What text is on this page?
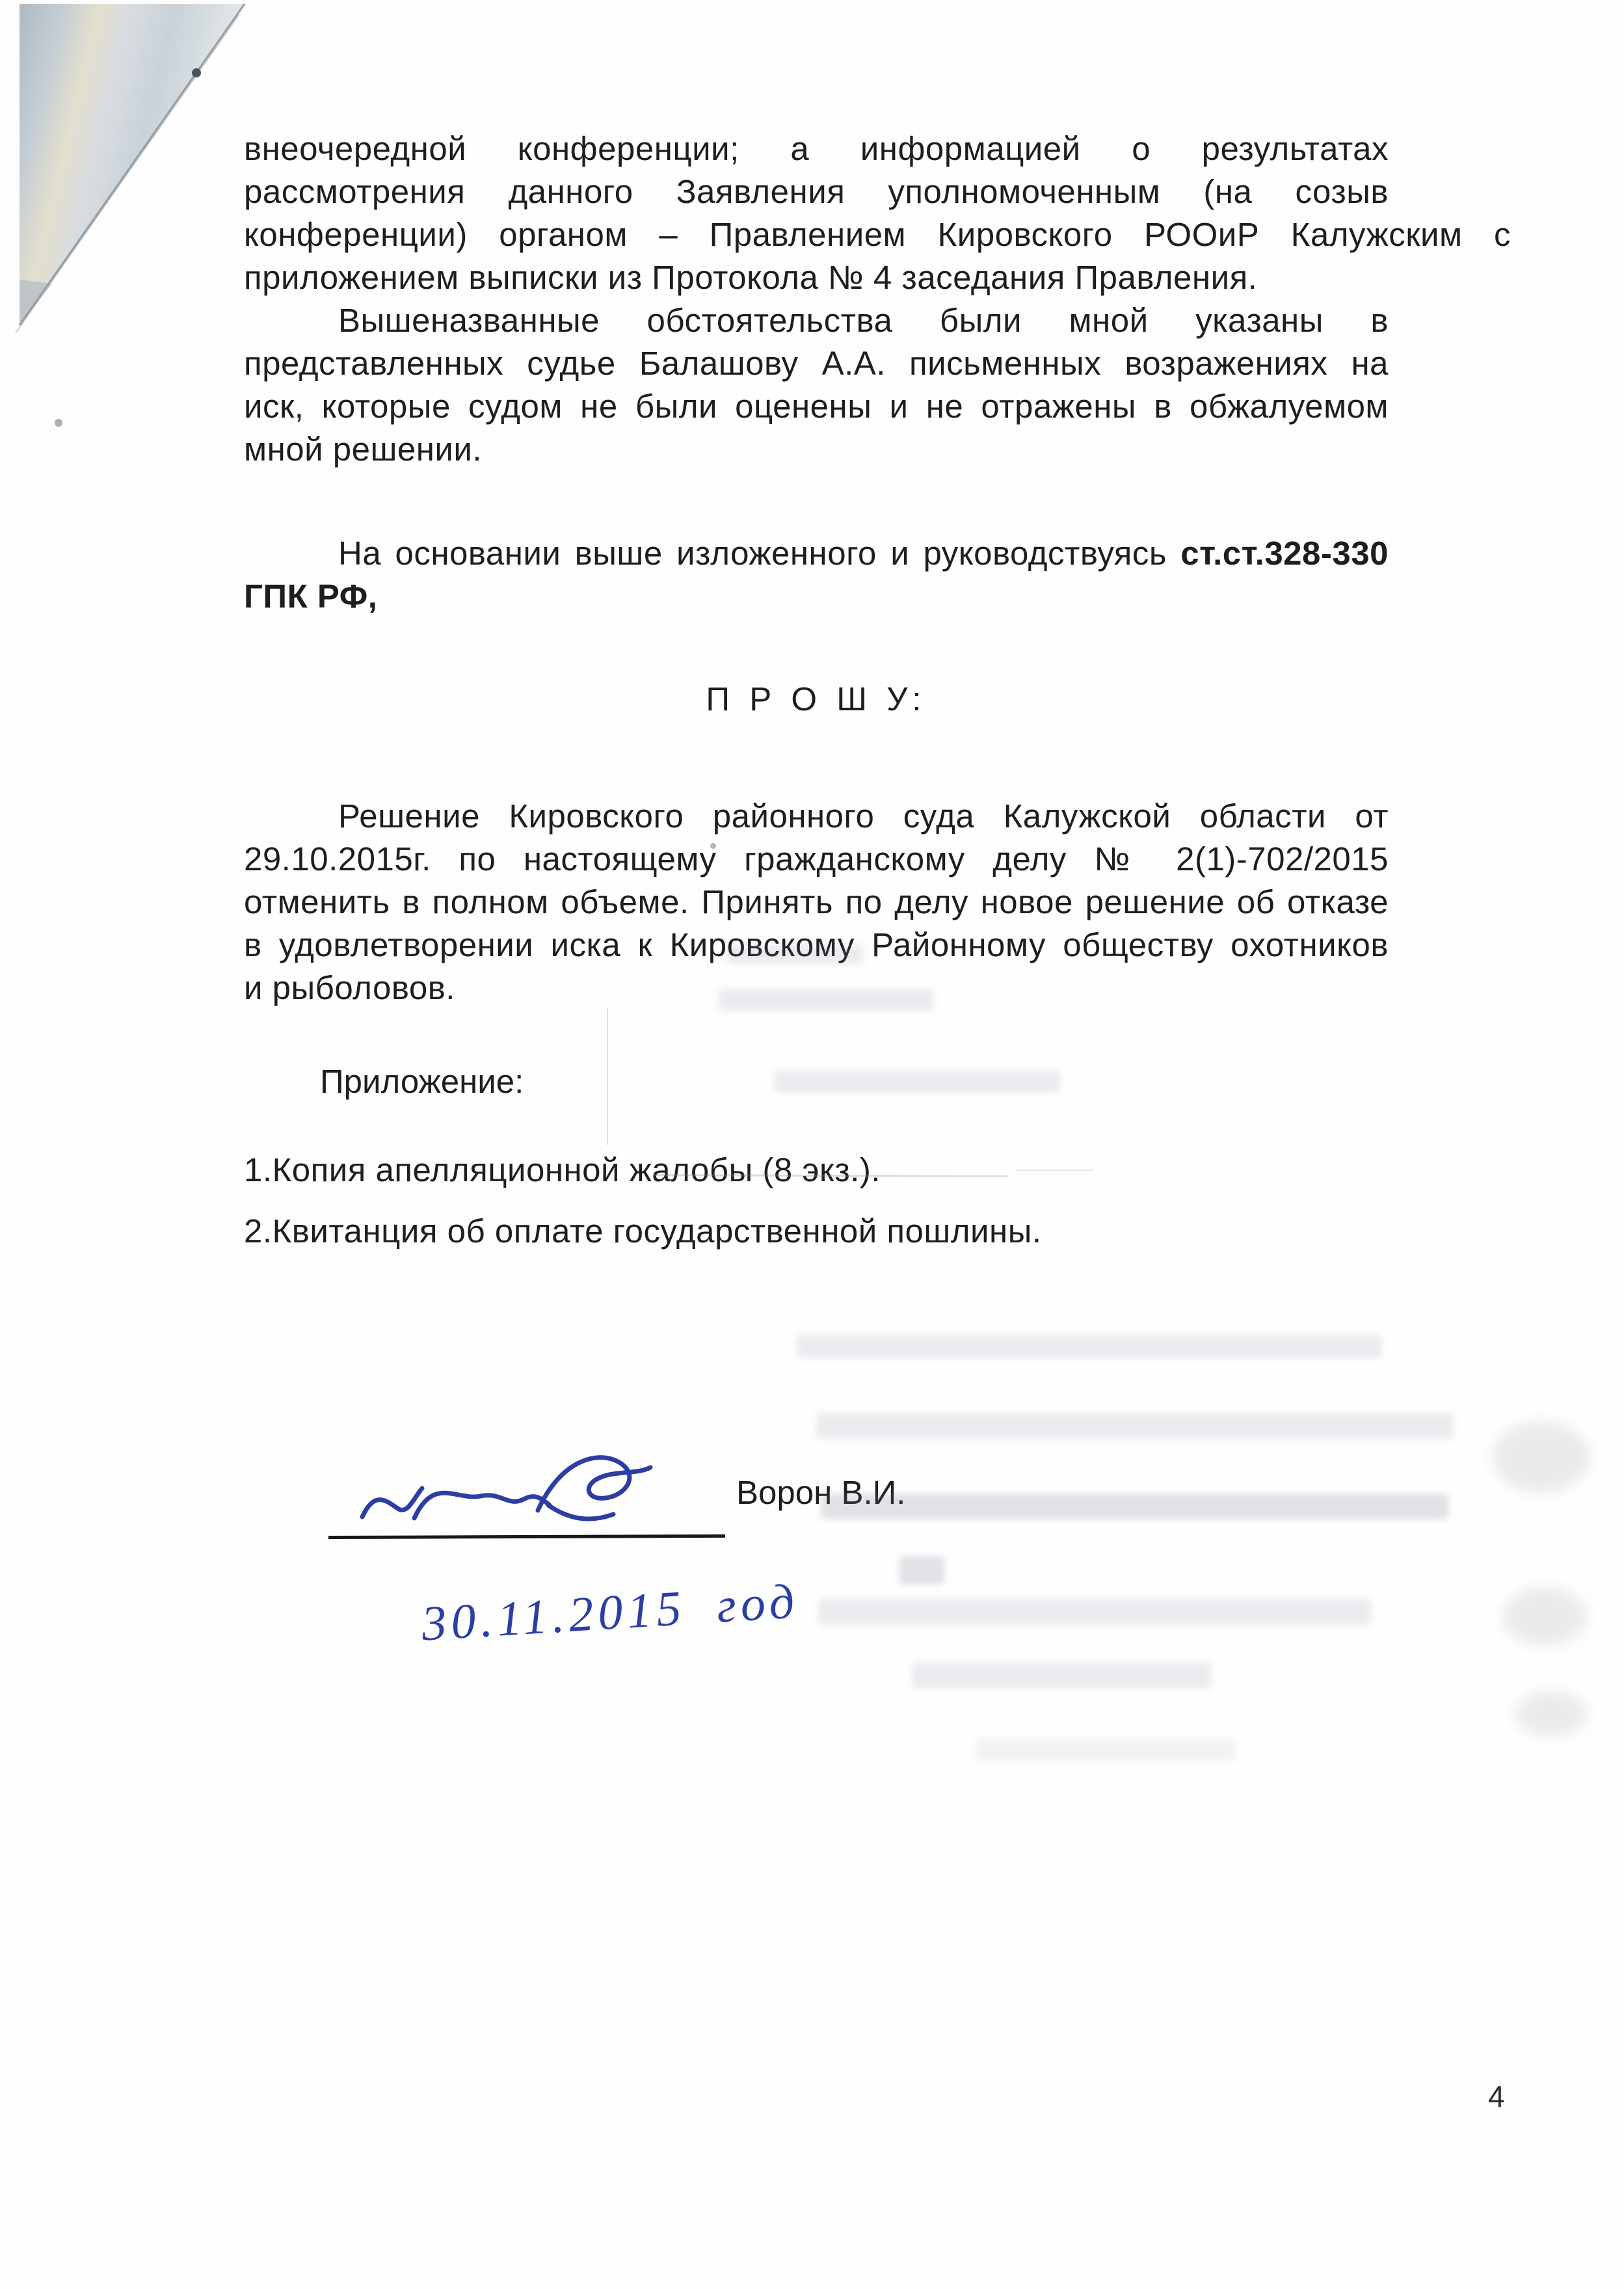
внеочередной конференции; а информацией о результатах
рассмотрения данного Заявления уполномоченным (на созыв
конференции) органом – Правлением Кировского РООиР Калужским с
приложением выписки из Протокола № 4 заседания Правления.
Вышеназванные обстоятельства были мной указаны в
представленных судье Балашову А.А. письменных возражениях на
иск, которые судом не были оценены и не отражены в обжалуемом
мной решении.
На основании выше изложенного и руководствуясь ст.ст.328-330
ГПК РФ,
П Р О Ш У:
Решение Кировского районного суда Калужской области от
29.10.2015г. по настоящему гражданскому делу № 2(1)-702/2015
отменить в полном объеме. Принять по делу новое решение об отказе
в удовлетворении иска к Кировскому Районному обществу охотников
и рыболовов.
Приложение:
1.Копия апелляционной жалобы (8 экз.).
2.Квитанция об оплате государственной пошлины.
Ворон В.И.
30.11.2015 год
4
